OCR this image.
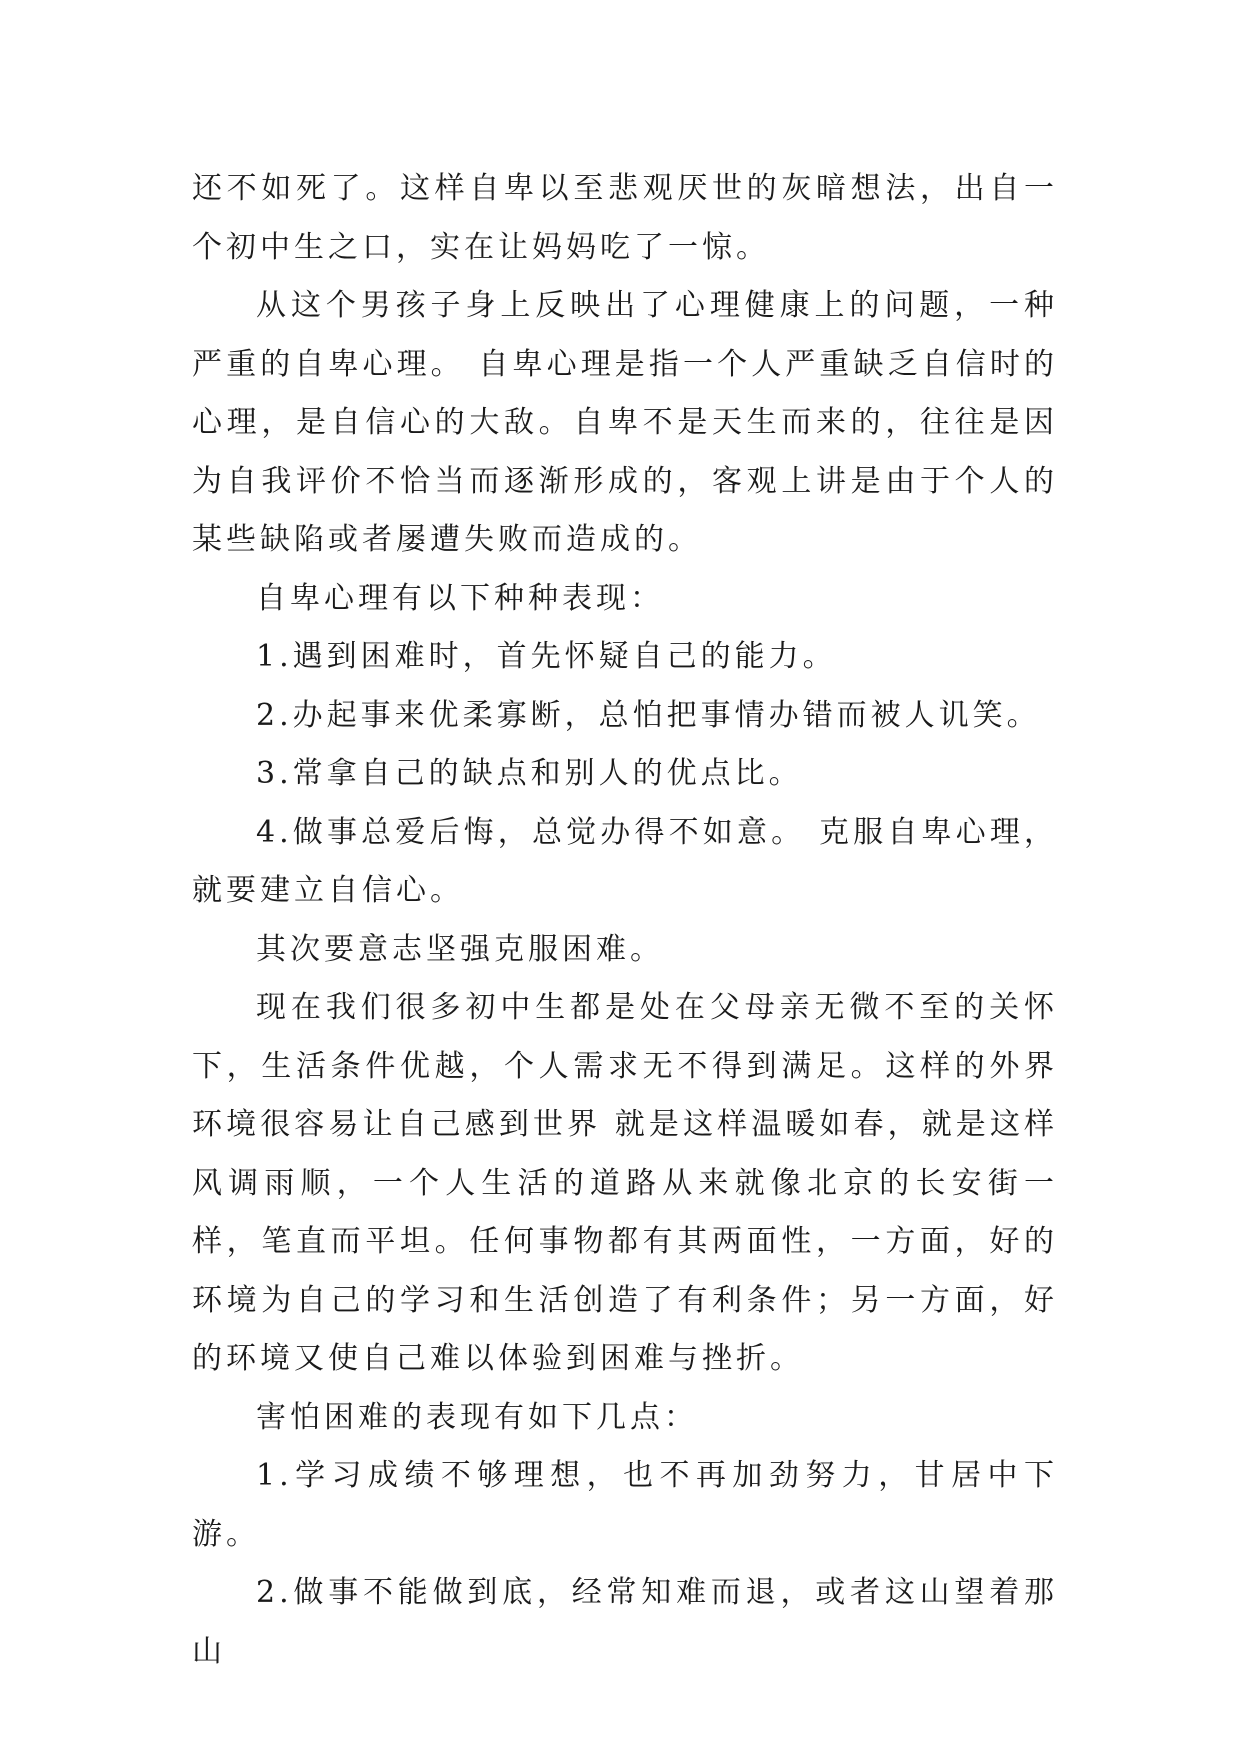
还不如死了。这样自卑以至悲观厌世的灰暗想法，出自一个初中生之口，实在让妈妈吃了一惊。

从这个男孩子身上反映出了心理健康上的问题，一种严重的自卑心理。 自卑心理是指一个人严重缺乏自信时的心理，是自信心的大敌。自卑不是天生而来的，往往是因为自我评价不恰当而逐渐形成的，客观上讲是由于个人的某些缺陷或者屡遭失败而造成的。

自卑心理有以下种种表现：

1.遇到困难时，首先怀疑自己的能力。

2.办起事来优柔寡断，总怕把事情办错而被人讥笑。

3.常拿自己的缺点和别人的优点比。

4.做事总爱后悔，总觉办得不如意。 克服自卑心理，就要建立自信心。

其次要意志坚强克服困难。

现在我们很多初中生都是处在父母亲无微不至的关怀下，生活条件优越，个人需求无不得到满足。这样的外界环境很容易让自己感到世界 就是这样温暖如春，就是这样风调雨顺，一个人生活的道路从来就像北京的长安街一样，笔直而平坦。任何事物都有其两面性，一方面，好的环境为自己的学习和生活创造了有利条件；另一方面，好的环境又使自己难以体验到困难与挫折。

害怕困难的表现有如下几点：

1.学习成绩不够理想，也不再加劲努力，甘居中下游。

2.做事不能做到底，经常知难而退，或者这山望着那山
